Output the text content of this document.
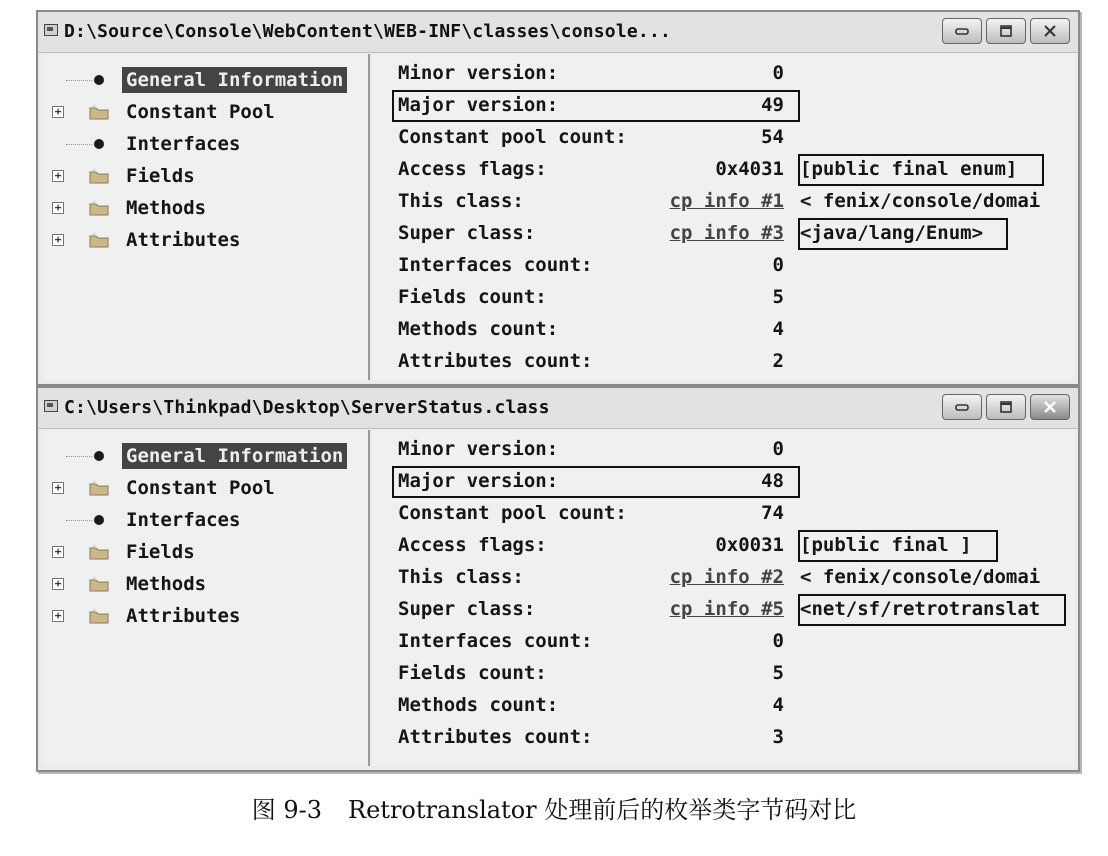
D:\Source\Console\WebContent\WEB-INF\classes\console...
General Information
+	Constant Pool
Interfaces
+	Fields
+	Methods
+	Attributes
Minor version:	0
Major version:	49
Constant pool count:	54
Access flags:	0x4031 [public final enum]
This class:	cp info #1 < fenix/console/domai
Super class:	cp info #3 <java/lang/Enum>
Interfaces count:	0
Fields count:	5
Methods count:	4
Attributes count:	2
C:\Users\Thinkpad\Desktop\ServerStatus.class
General Information
+	Constant Pool
Interfaces
+	Fields
+	Methods
+	Attributes
Minor version:	0
Major version:	48
Constant pool count:	74
Access flags:	0x0031 [public final ]
This class:	cp info #2 < fenix/console/domai
Super class:	cp info #5 <net/sf/retrotranslat
Interfaces count:	0
Fields count:	5
Methods count:	4
Attributes count:	3
图 9-3 Retrotranslator 处理前后的枚举类字节码对比
